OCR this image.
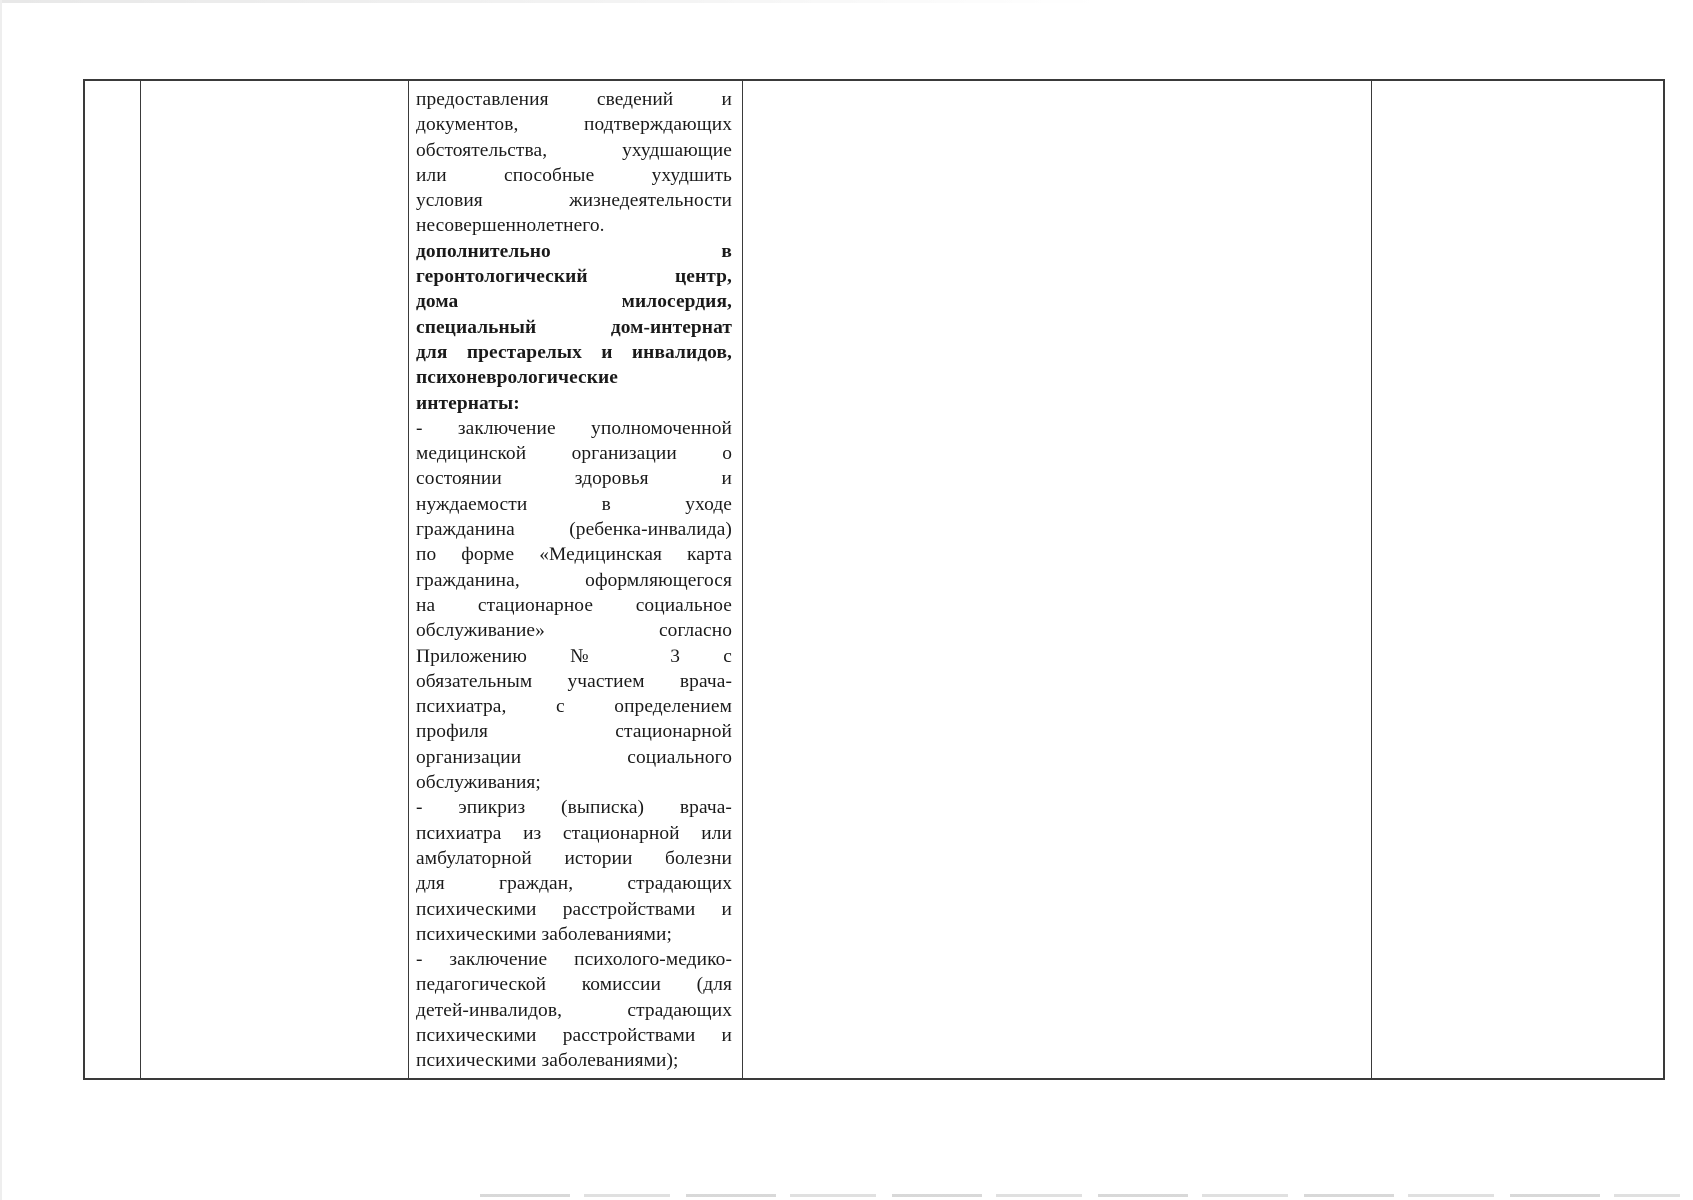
предоставления сведений и
документов, подтверждающих
обстоятельства, ухудшающие
или способные ухудшить
условия жизнедеятельности
несовершеннолетнего.
дополнительно в
геронтологический центр,
дома милосердия,
специальный дом-интернат
для престарелых и инвалидов,
психоневрологические
интернаты:
- заключение уполномоченной
медицинской организации о
состоянии здоровья и
нуждаемости в уходе
гражданина (ребенка-инвалида)
по форме «Медицинская карта
гражданина, оформляющегося
на стационарное социальное
обслуживание» согласно
Приложению № 3 с
обязательным участием врача-
психиатра, с определением
профиля стационарной
организации социального
обслуживания;
- эпикриз (выписка) врача-
психиатра из стационарной или
амбулаторной истории болезни
для граждан, страдающих
психическими расстройствами и
психическими заболеваниями;
- заключение психолого-медико-
педагогической комиссии (для
детей-инвалидов, страдающих
психическими расстройствами и
психическими заболеваниями);
